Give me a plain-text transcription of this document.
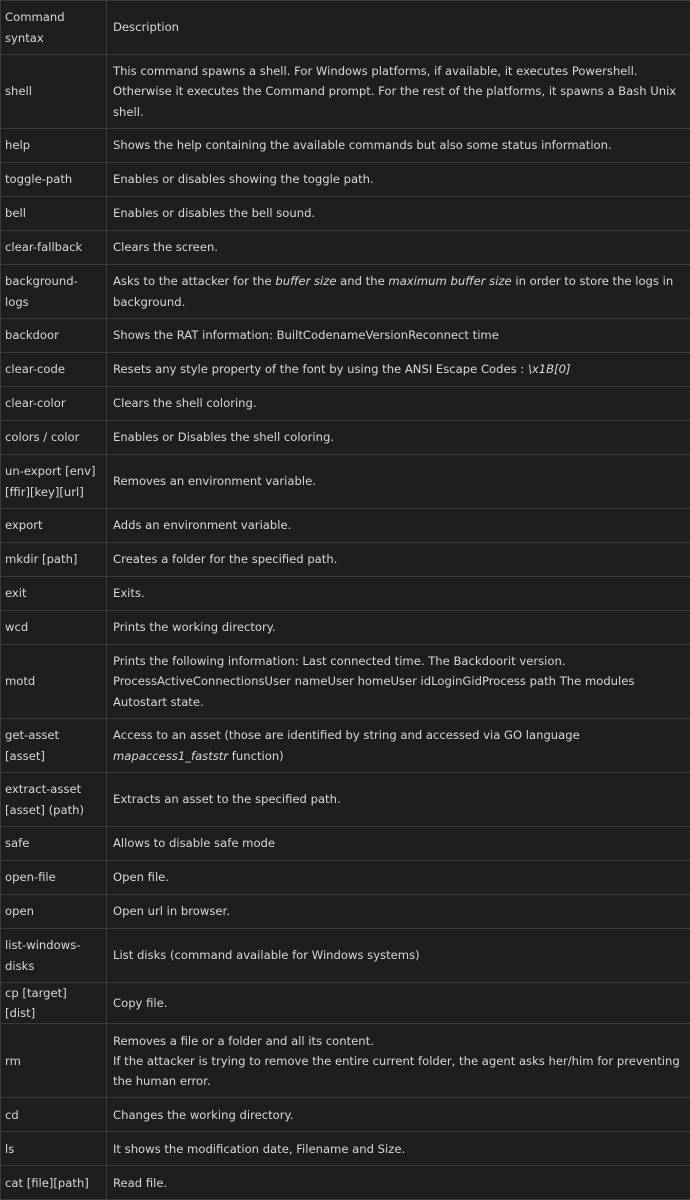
Command syntax	Description
shell	This command spawns a shell. For Windows platforms, if available, it executes Powershell. Otherwise it executes the Command prompt. For the rest of the platforms, it spawns a Bash Unix shell.
help	Shows the help containing the available commands but also some status information.
toggle-path	Enables or disables showing the toggle path.
bell	Enables or disables the bell sound.
clear-fallback	Clears the screen.
background-logs	Asks to the attacker for the buffer size and the maximum buffer size in order to store the logs in background.
backdoor	Shows the RAT information: BuiltCodenameVersionReconnect time
clear-code	Resets any style property of the font by using the ANSI Escape Codes : \x1B[0]
clear-color	Clears the shell coloring.
colors / color	Enables or Disables the shell coloring.
un-export [env] [ffir][key][url]	Removes an environment variable.
export	Adds an environment variable.
mkdir [path]	Creates a folder for the specified path.
exit	Exits.
wcd	Prints the working directory.
motd	Prints the following information: Last connected time. The Backdoorit version. ProcessActiveConnectionsUser nameUser homeUser idLoginGidProcess path The modules Autostart state.
get-asset [asset]	Access to an asset (those are identified by string and accessed via GO language mapaccess1_faststr function)
extract-asset [asset] (path)	Extracts an asset to the specified path.
safe	Allows to disable safe mode
open-file	Open file.
open	Open url in browser.
list-windows-disks	List disks (command available for Windows systems)
cp [target] [dist]	Copy file.
rm	Removes a file or a folder and all its content.
If the attacker is trying to remove the entire current folder, the agent asks her/him for preventing the human error.
cd	Changes the working directory.
ls	It shows the modification date, Filename and Size.
cat [file][path]	Read file.
